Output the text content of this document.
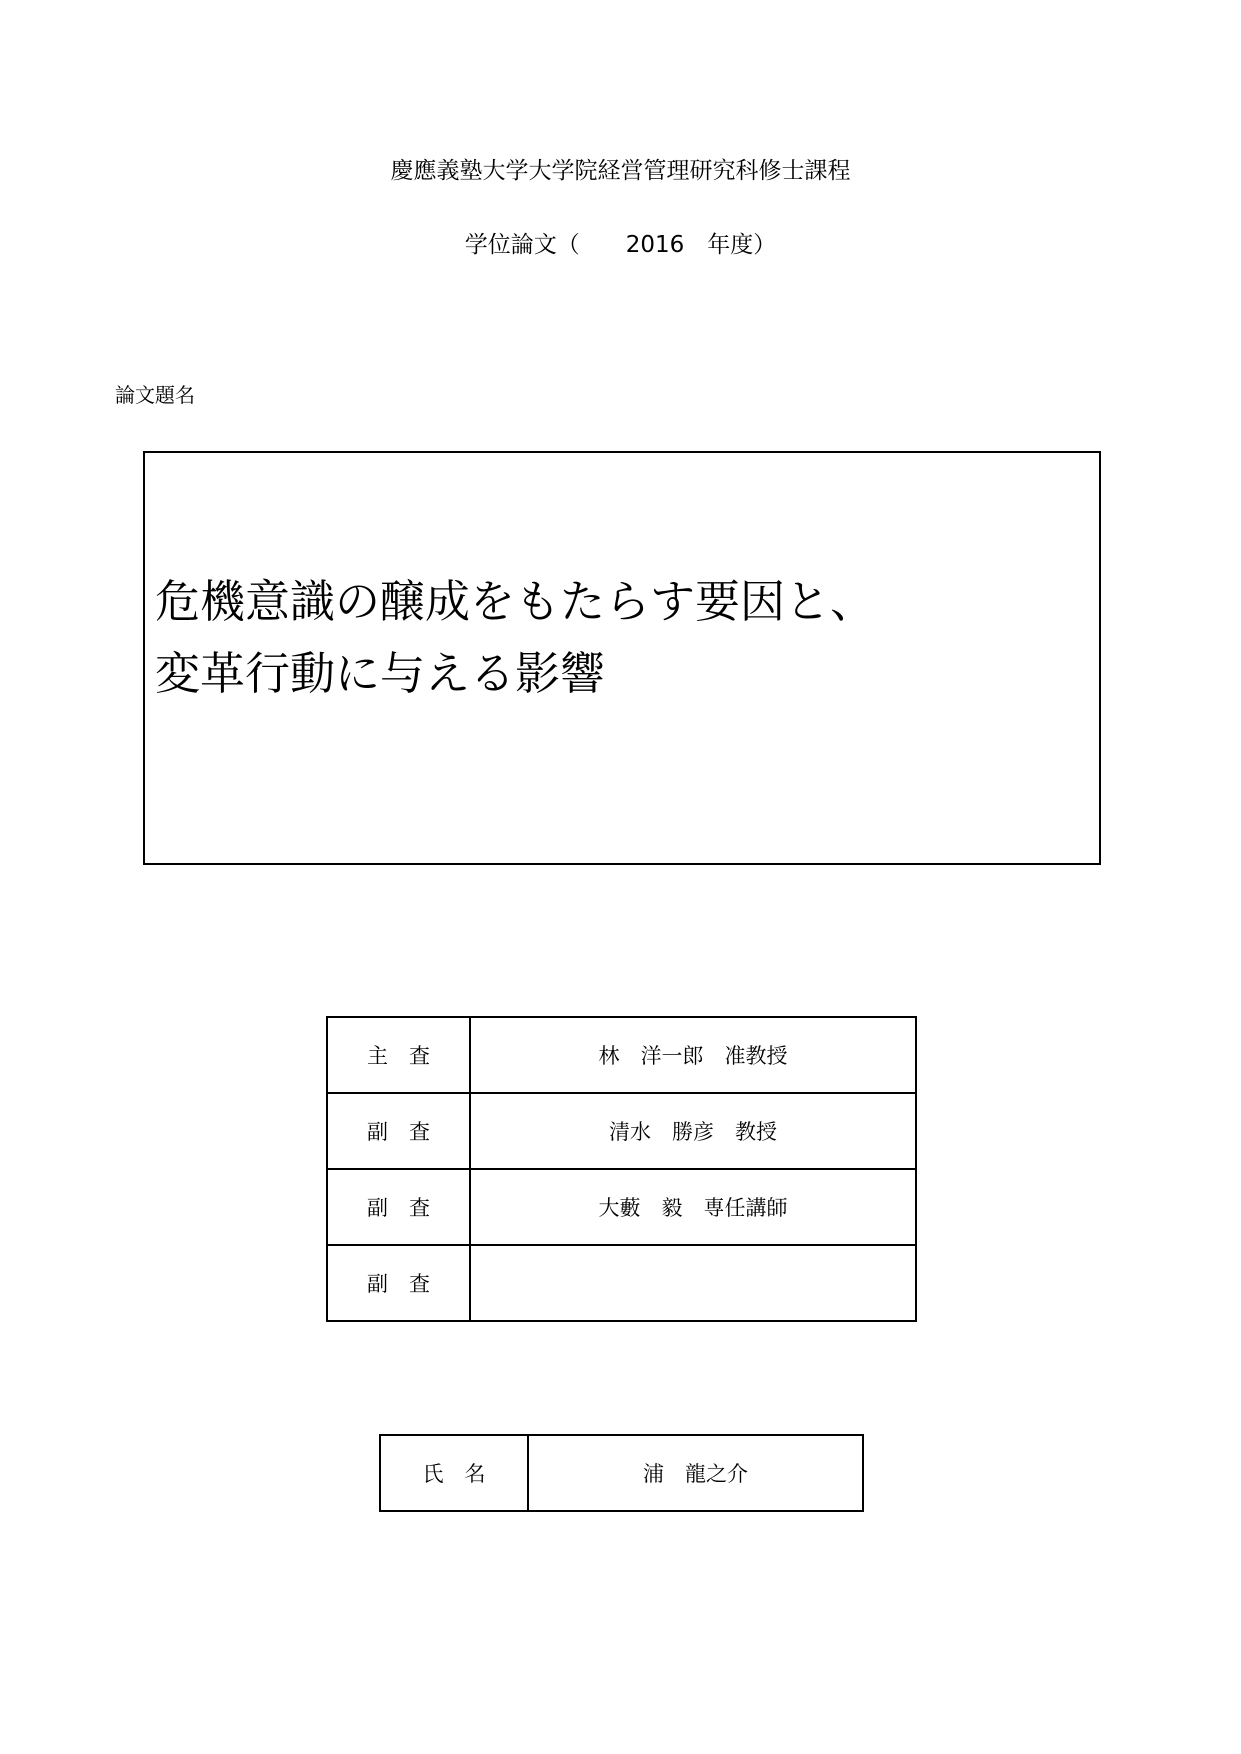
慶應義塾大学大学院経営管理研究科修士課程
学位論文（　　2016　年度）
論文題名
危機意識の醸成をもたらす要因と、
変革行動に与える影響
主　査	林　洋一郎　准教授
副　査	清水　勝彦　教授
副　査	大藪　毅　専任講師
副　査	
氏　名	浦　龍之介
